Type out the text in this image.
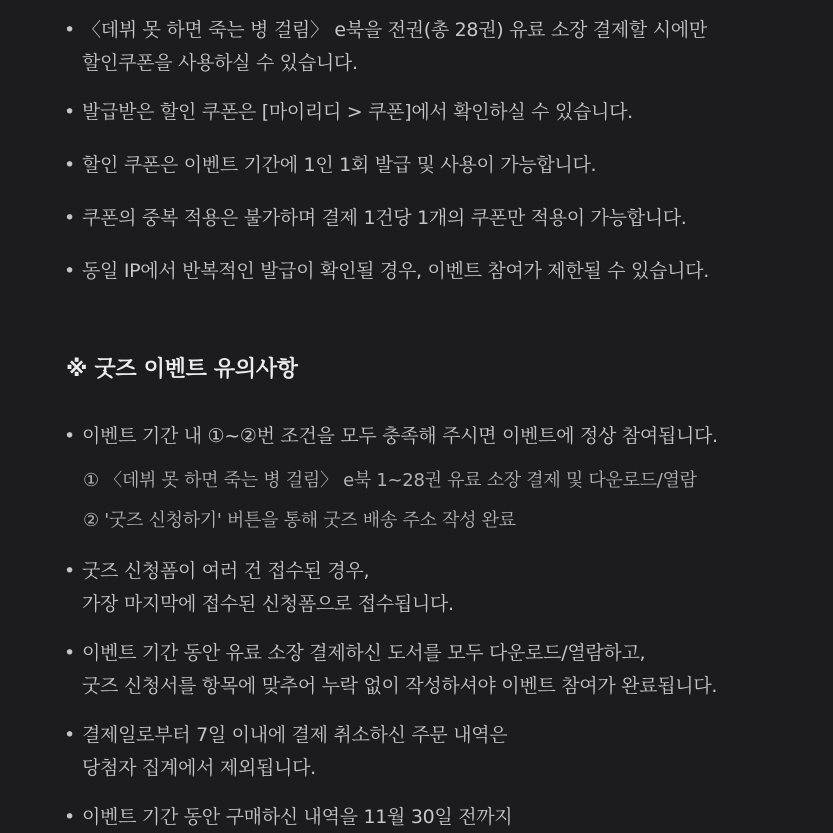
• 〈데뷔 못 하면 죽는 병 걸림〉 e북을 전권(총 28권) 유료 소장 결제할 시에만
할인쿠폰을 사용하실 수 있습니다.
• 발급받은 할인 쿠폰은 [마이리디 > 쿠폰]에서 확인하실 수 있습니다.
• 할인 쿠폰은 이벤트 기간에 1인 1회 발급 및 사용이 가능합니다.
• 쿠폰의 중복 적용은 불가하며 결제 1건당 1개의 쿠폰만 적용이 가능합니다.
• 동일 IP에서 반복적인 발급이 확인될 경우, 이벤트 참여가 제한될 수 있습니다.
※ 굿즈 이벤트 유의사항
• 이벤트 기간 내 ①~②번 조건을 모두 충족해 주시면 이벤트에 정상 참여됩니다.
① 〈데뷔 못 하면 죽는 병 걸림〉 e북 1~28권 유료 소장 결제 및 다운로드/열람
② '굿즈 신청하기' 버튼을 통해 굿즈 배송 주소 작성 완료
• 굿즈 신청폼이 여러 건 접수된 경우,
가장 마지막에 접수된 신청폼으로 접수됩니다.
• 이벤트 기간 동안 유료 소장 결제하신 도서를 모두 다운로드/열람하고,
굿즈 신청서를 항목에 맞추어 누락 없이 작성하셔야 이벤트 참여가 완료됩니다.
• 결제일로부터 7일 이내에 결제 취소하신 주문 내역은
당첨자 집계에서 제외됩니다.
• 이벤트 기간 동안 구매하신 내역을 11월 30일 전까지
